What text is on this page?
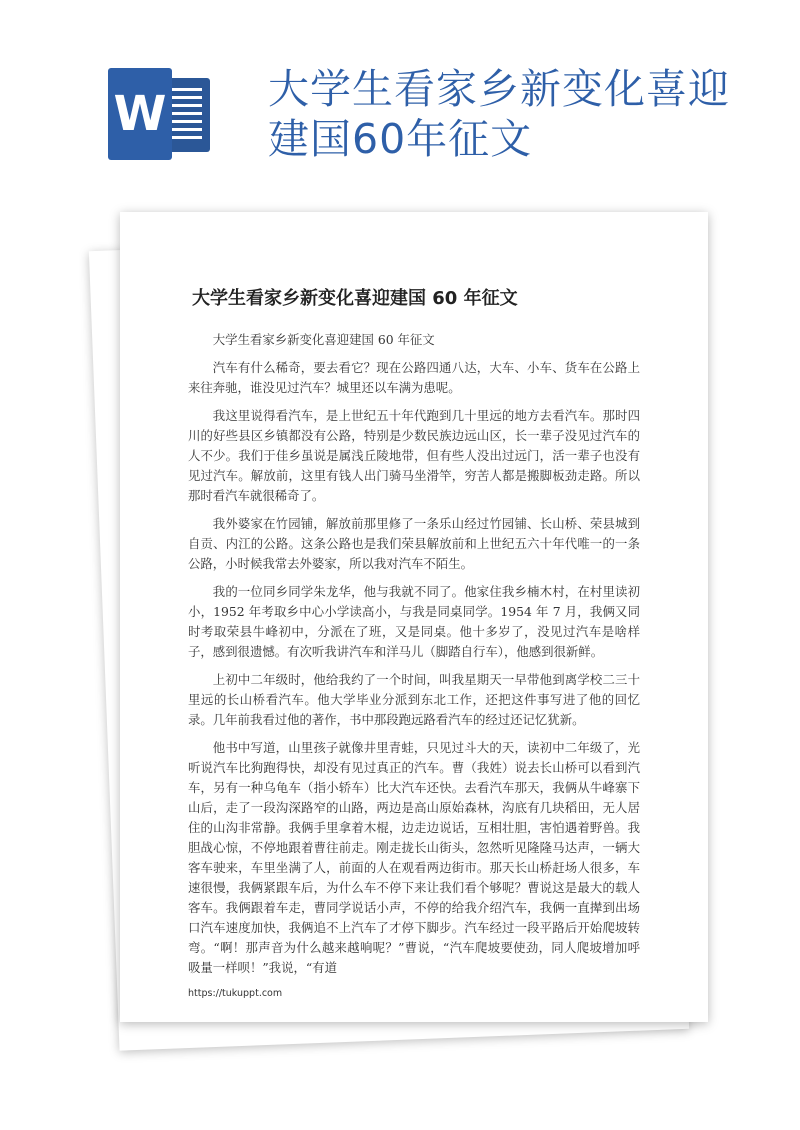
W 大学生看家乡新变化喜迎建国60年征文
大学生看家乡新变化喜迎建国 60 年征文

大学生看家乡新变化喜迎建国 60 年征文

汽车有什么稀奇，要去看它？现在公路四通八达，大车、小车、货车在公路上来往奔驰，谁没见过汽车？城里还以车满为患呢。

我这里说得看汽车，是上世纪五十年代跑到几十里远的地方去看汽车。那时四川的好些县区乡镇都没有公路，特别是少数民族边远山区，长一辈子没见过汽车的人不少。我们于佳乡虽说是属浅丘陵地带，但有些人没出过远门，活一辈子也没有见过汽车。解放前，这里有钱人出门骑马坐滑竿，穷苦人都是搬脚板劲走路。所以那时看汽车就很稀奇了。

我外婆家在竹园铺，解放前那里修了一条乐山经过竹园铺、长山桥、荣县城到自贡、内江的公路。这条公路也是我们荣县解放前和上世纪五六十年代唯一的一条公路，小时候我常去外婆家，所以我对汽车不陌生。

我的一位同乡同学朱龙华，他与我就不同了。他家住我乡楠木村，在村里读初小，1952 年考取乡中心小学读高小，与我是同桌同学。1954 年 7 月，我俩又同时考取荣县牛峰初中，分派在了班，又是同桌。他十多岁了，没见过汽车是啥样子，感到很遗憾。有次听我讲汽车和洋马儿（脚踏自行车），他感到很新鲜。

上初中二年级时，他给我约了一个时间，叫我星期天一早带他到离学校二三十里远的长山桥看汽车。他大学毕业分派到东北工作，还把这件事写进了他的回忆录。几年前我看过他的著作，书中那段跑远路看汽车的经过还记忆犹新。

他书中写道，山里孩子就像井里青蛙，只见过斗大的天，读初中二年级了，光听说汽车比狗跑得快，却没有见过真正的汽车。曹（我姓）说去长山桥可以看到汽车，另有一种乌龟车（指小轿车）比大汽车还快。去看汽车那天，我俩从牛峰寨下山后，走了一段沟深路窄的山路，两边是高山原始森林，沟底有几块稻田，无人居住的山沟非常静。我俩手里拿着木棍，边走边说话，互相壮胆，害怕遇着野兽。我胆战心惊，不停地跟着曹往前走。刚走拢长山街头，忽然听见隆隆马达声，一辆大客车驶来，车里坐满了人，前面的人在观看两边街市。那天长山桥赶场人很多，车速很慢，我俩紧跟车后，为什么车不停下来让我们看个够呢？曹说这是最大的载人客车。我俩跟着车走，曹同学说话小声，不停的给我介绍汽车，我俩一直撵到出场口汽车速度加快，我俩追不上汽车了才停下脚步。汽车经过一段平路后开始爬坡转弯。“啊！那声音为什么越来越响呢？”曹说，“汽车爬坡要使劲，同人爬坡增加呼吸量一样呗！”我说，“有道

https://tukuppt.com
